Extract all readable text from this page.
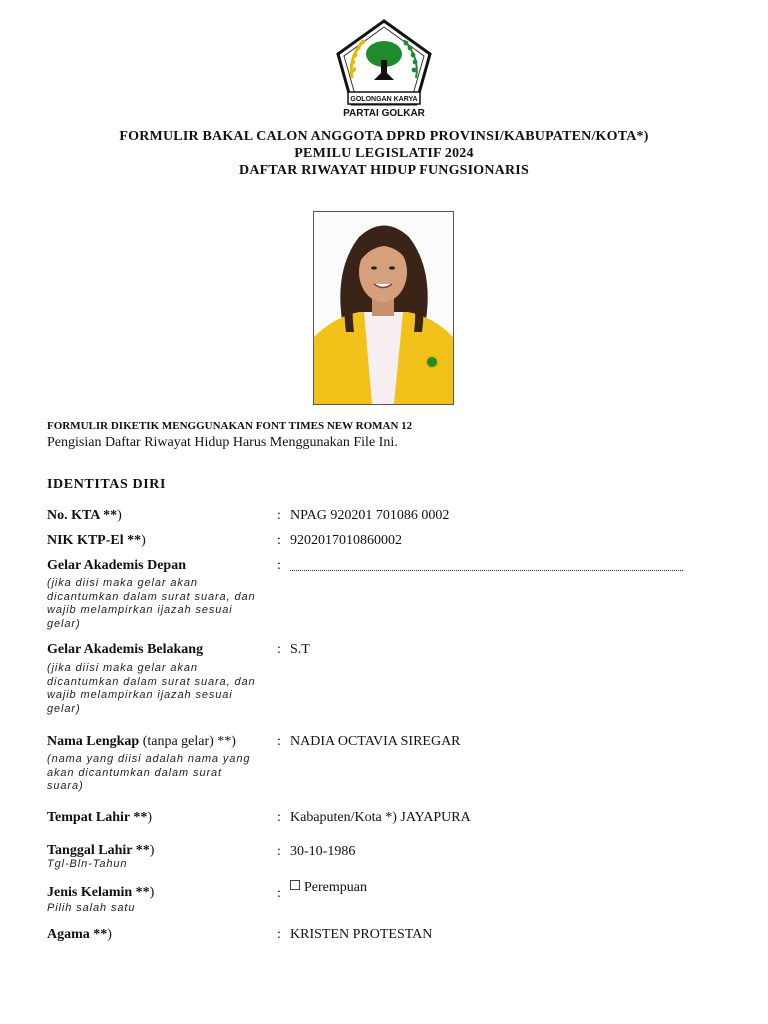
GOLONGAN KARYA
PARTAI GOLKAR
FORMULIR BAKAL CALON ANGGOTA DPRD PROVINSI/KABUPATEN/KOTA*)
PEMILU LEGISLATIF 2024
DAFTAR RIWAYAT HIDUP FUNGSIONARIS
FORMULIR DIKETIK MENGGUNAKAN FONT TIMES NEW ROMAN 12
Pengisian Daftar Riwayat Hidup Harus Menggunakan File Ini.
IDENTITAS DIRI
No. KTA **)	: NPAG 920201 701086 0002
NIK KTP-El **)	: 9202017010860002
Gelar Akademis Depan
(jika diisi maka gelar akan dicantumkan dalam surat suara, dan wajib melampirkan ijazah sesuai gelar)
:
Gelar Akademis Belakang
(jika diisi maka gelar akan dicantumkan dalam surat suara, dan wajib melampirkan ijazah sesuai gelar)
: S.T
Nama Lengkap (tanpa gelar) **)
(nama yang diisi adalah nama yang akan dicantumkan dalam surat suara)
: NADIA OCTAVIA SIREGAR
Tempat Lahir **)	: Kabaputen/Kota *) JAYAPURA
Tanggal Lahir **)
Tgl-Bln-Tahun
: 30-10-1986
Jenis Kelamin **)
Pilih salah satu
:	Perempuan
Agama **)	: KRISTEN PROTESTAN
